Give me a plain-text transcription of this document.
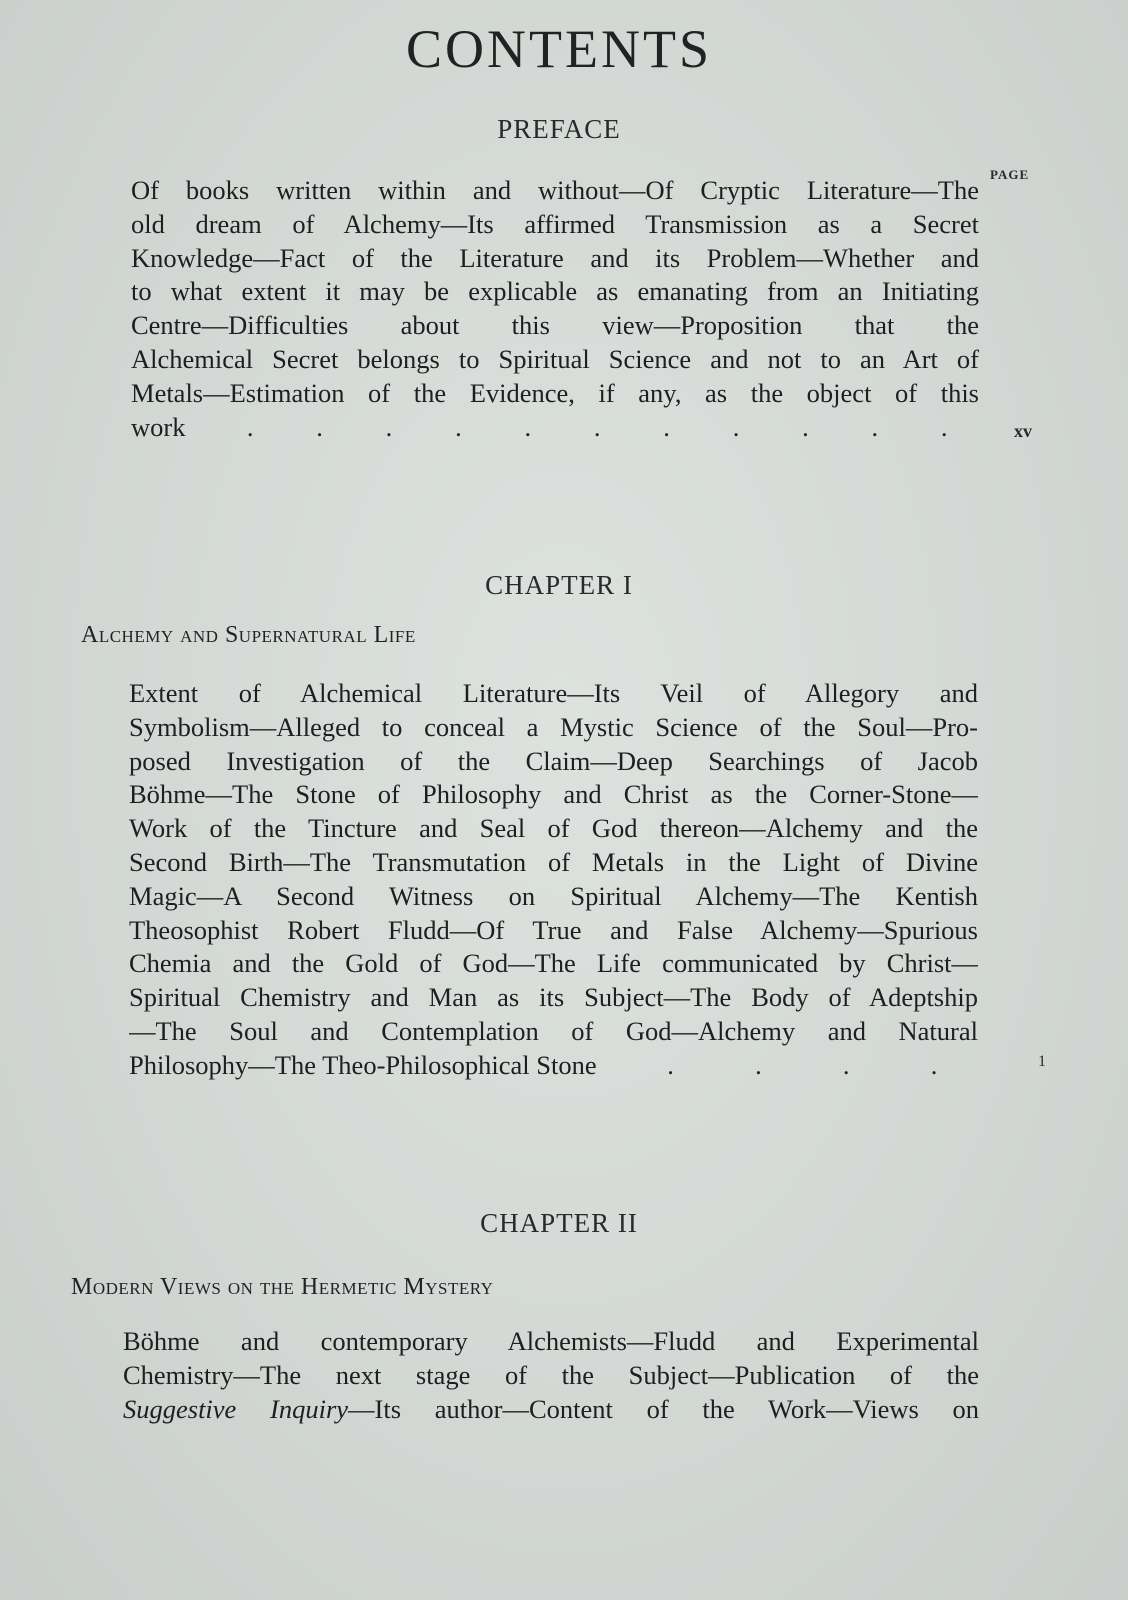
CONTENTS
PREFACE
PAGE
Of books written within and without—Of Cryptic Literature—The
old dream of Alchemy—Its affirmed Transmission as a Secret
Knowledge—Fact of the Literature and its Problem—Whether and
to what extent it may be explicable as emanating from an Initiating
Centre—Difficulties about this view—Proposition that the
Alchemical Secret belongs to Spiritual Science and not to an Art of
Metals—Estimation of the Evidence, if any, as the object of this
work . . . . . . . . . . .	xv
CHAPTER I
Alchemy and Supernatural Life
Extent of Alchemical Literature—Its Veil of Allegory and
Symbolism—Alleged to conceal a Mystic Science of the Soul—Pro-
posed Investigation of the Claim—Deep Searchings of Jacob
Böhme—The Stone of Philosophy and Christ as the Corner-Stone—
Work of the Tincture and Seal of God thereon—Alchemy and the
Second Birth—The Transmutation of Metals in the Light of Divine
Magic—A Second Witness on Spiritual Alchemy—The Kentish
Theosophist Robert Fludd—Of True and False Alchemy—Spurious
Chemia and the Gold of God—The Life communicated by Christ—
Spiritual Chemistry and Man as its Subject—The Body of Adeptship
—The Soul and Contemplation of God—Alchemy and Natural
Philosophy—The Theo-Philosophical Stone	.	.	.	.	1
CHAPTER II
Modern Views on the Hermetic Mystery
Böhme and contemporary Alchemists—Fludd and Experimental
Chemistry—The next stage of the Subject—Publication of the
Suggestive Inquiry—Its author—Content of the Work—Views on
